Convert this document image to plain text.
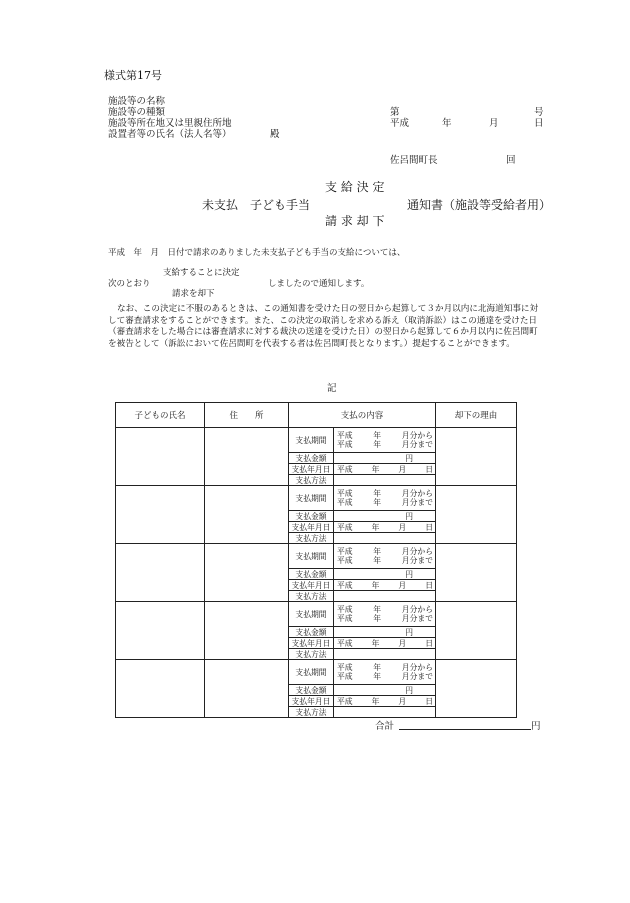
様式第17号
施設等の名称
施設等の種類
施設等所在地又は里親住所地
設置者等の氏名（法人名等）	殿
第	号
平成	年	月	日
佐呂間町長	回
支 給 決 定
未支払　子ども手当	通知書（施設等受給者用）
請 求 却 下
平成　年　月　日付で請求のありました未支払子ども手当の支給については、
支給することに決定
次のとおり	しましたので通知します。
請求を却下
なお、この決定に不服のあるときは、この通知書を受けた日の翌日から起算して３か月以内に北海道知事に対して審査請求をすることができます。また、この決定の取消しを求める訴え（取消訴訟）はこの通達を受けた日（審査請求をした場合には審査請求に対する裁決の送達を受けた日）の翌日から起算して６か月以内に佐呂間町を被告として（訴訟において佐呂間町を代表する者は佐呂間町長となります。）提起することができます。
記
子どもの氏名	住　　所	支払の内容	却下の理由

支払期間	平成	年	月分から
平成	年	月分まで

支払金額	円
支払年月日	平成 年 月 日

支払方法	

支払期間	平成	年	月分から
平成	年	月分まで

支払金額	円
支払年月日	平成 年 月 日

支払方法	

支払期間	平成	年	月分から
平成	年	月分まで

支払金額	円
支払年月日	平成 年 月 日

支払方法	

支払期間	平成	年	月分から
平成	年	月分まで

支払金額	円
支払年月日	平成 年 月 日

支払方法	

支払期間	平成	年	月分から
平成	年	月分まで

支払金額	円
支払年月日	平成 年 月 日

支払方法	

合計	円
